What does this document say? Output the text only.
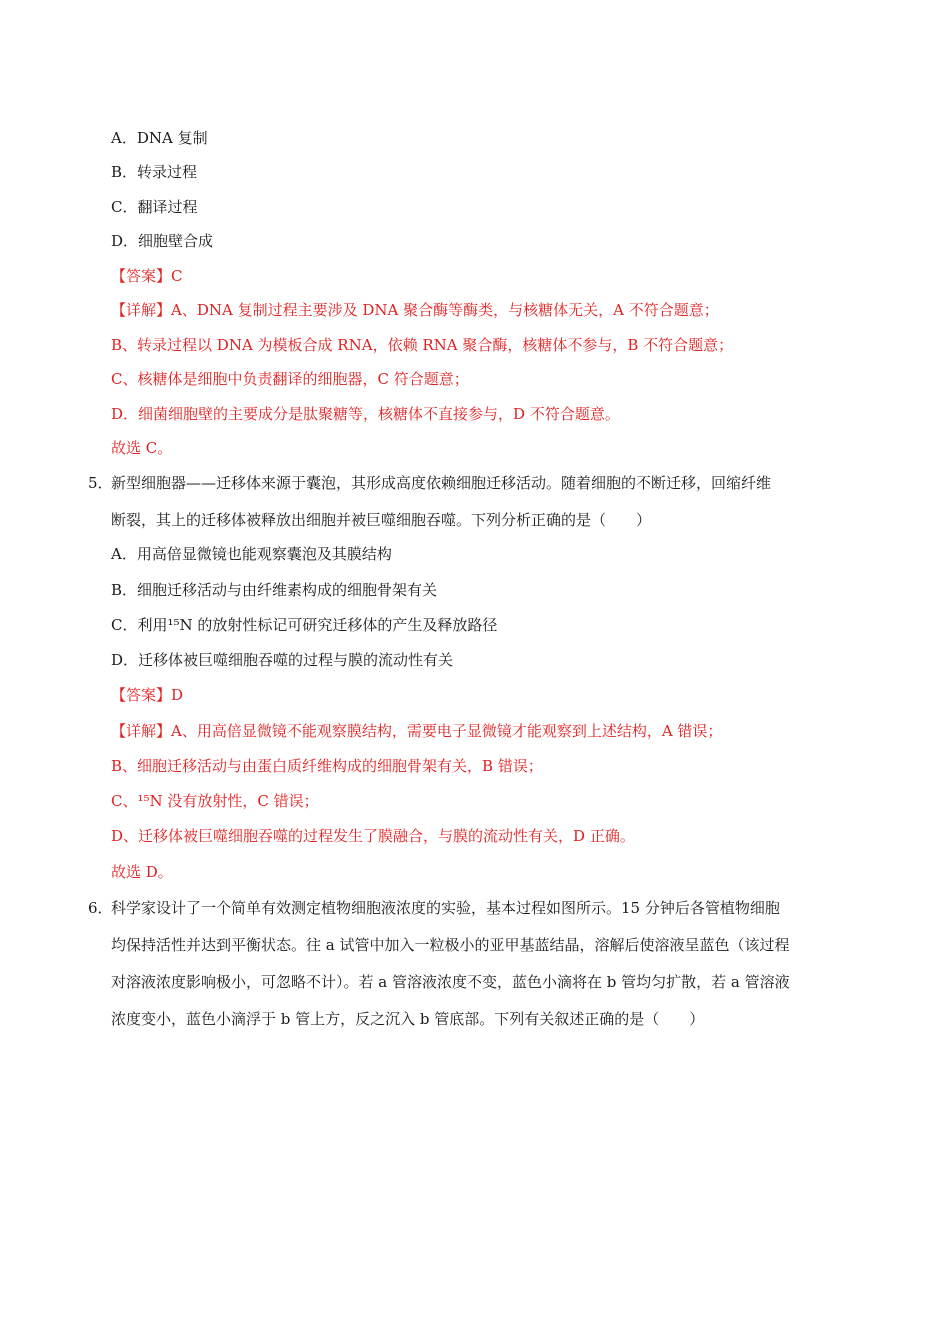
A．DNA 复制
B．转录过程
C．翻译过程
D．细胞壁合成
【答案】C
【详解】A、DNA 复制过程主要涉及 DNA 聚合酶等酶类，与核糖体无关，A 不符合题意；
B、转录过程以 DNA 为模板合成 RNA，依赖 RNA 聚合酶，核糖体不参与，B 不符合题意；
C、核糖体是细胞中负责翻译的细胞器，C 符合题意；
D．细菌细胞壁的主要成分是肽聚糖等，核糖体不直接参与，D 不符合题意。
故选 C。
5．
新型细胞器——迁移体来源于囊泡，其形成高度依赖细胞迁移活动。随着细胞的不断迁移，回缩纤维
断裂，其上的迁移体被释放出细胞并被巨噬细胞吞噬。下列分析正确的是（　　）
A．用高倍显微镜也能观察囊泡及其膜结构
B．细胞迁移活动与由纤维素构成的细胞骨架有关
C．利用¹⁵N 的放射性标记可研究迁移体的产生及释放路径
D．迁移体被巨噬细胞吞噬的过程与膜的流动性有关
【答案】D
【详解】A、用高倍显微镜不能观察膜结构，需要电子显微镜才能观察到上述结构，A 错误；
B、细胞迁移活动与由蛋白质纤维构成的细胞骨架有关，B 错误；
C、¹⁵N 没有放射性，C 错误；
D、迁移体被巨噬细胞吞噬的过程发生了膜融合，与膜的流动性有关，D 正确。
故选 D。
6．
科学家设计了一个简单有效测定植物细胞液浓度的实验，基本过程如图所示。15 分钟后各管植物细胞
均保持活性并达到平衡状态。往 a 试管中加入一粒极小的亚甲基蓝结晶，溶解后使溶液呈蓝色（该过程
对溶液浓度影响极小，可忽略不计）。若 a 管溶液浓度不变，蓝色小滴将在 b 管均匀扩散，若 a 管溶液
浓度变小，蓝色小滴浮于 b 管上方，反之沉入 b 管底部。下列有关叙述正确的是（　　）
